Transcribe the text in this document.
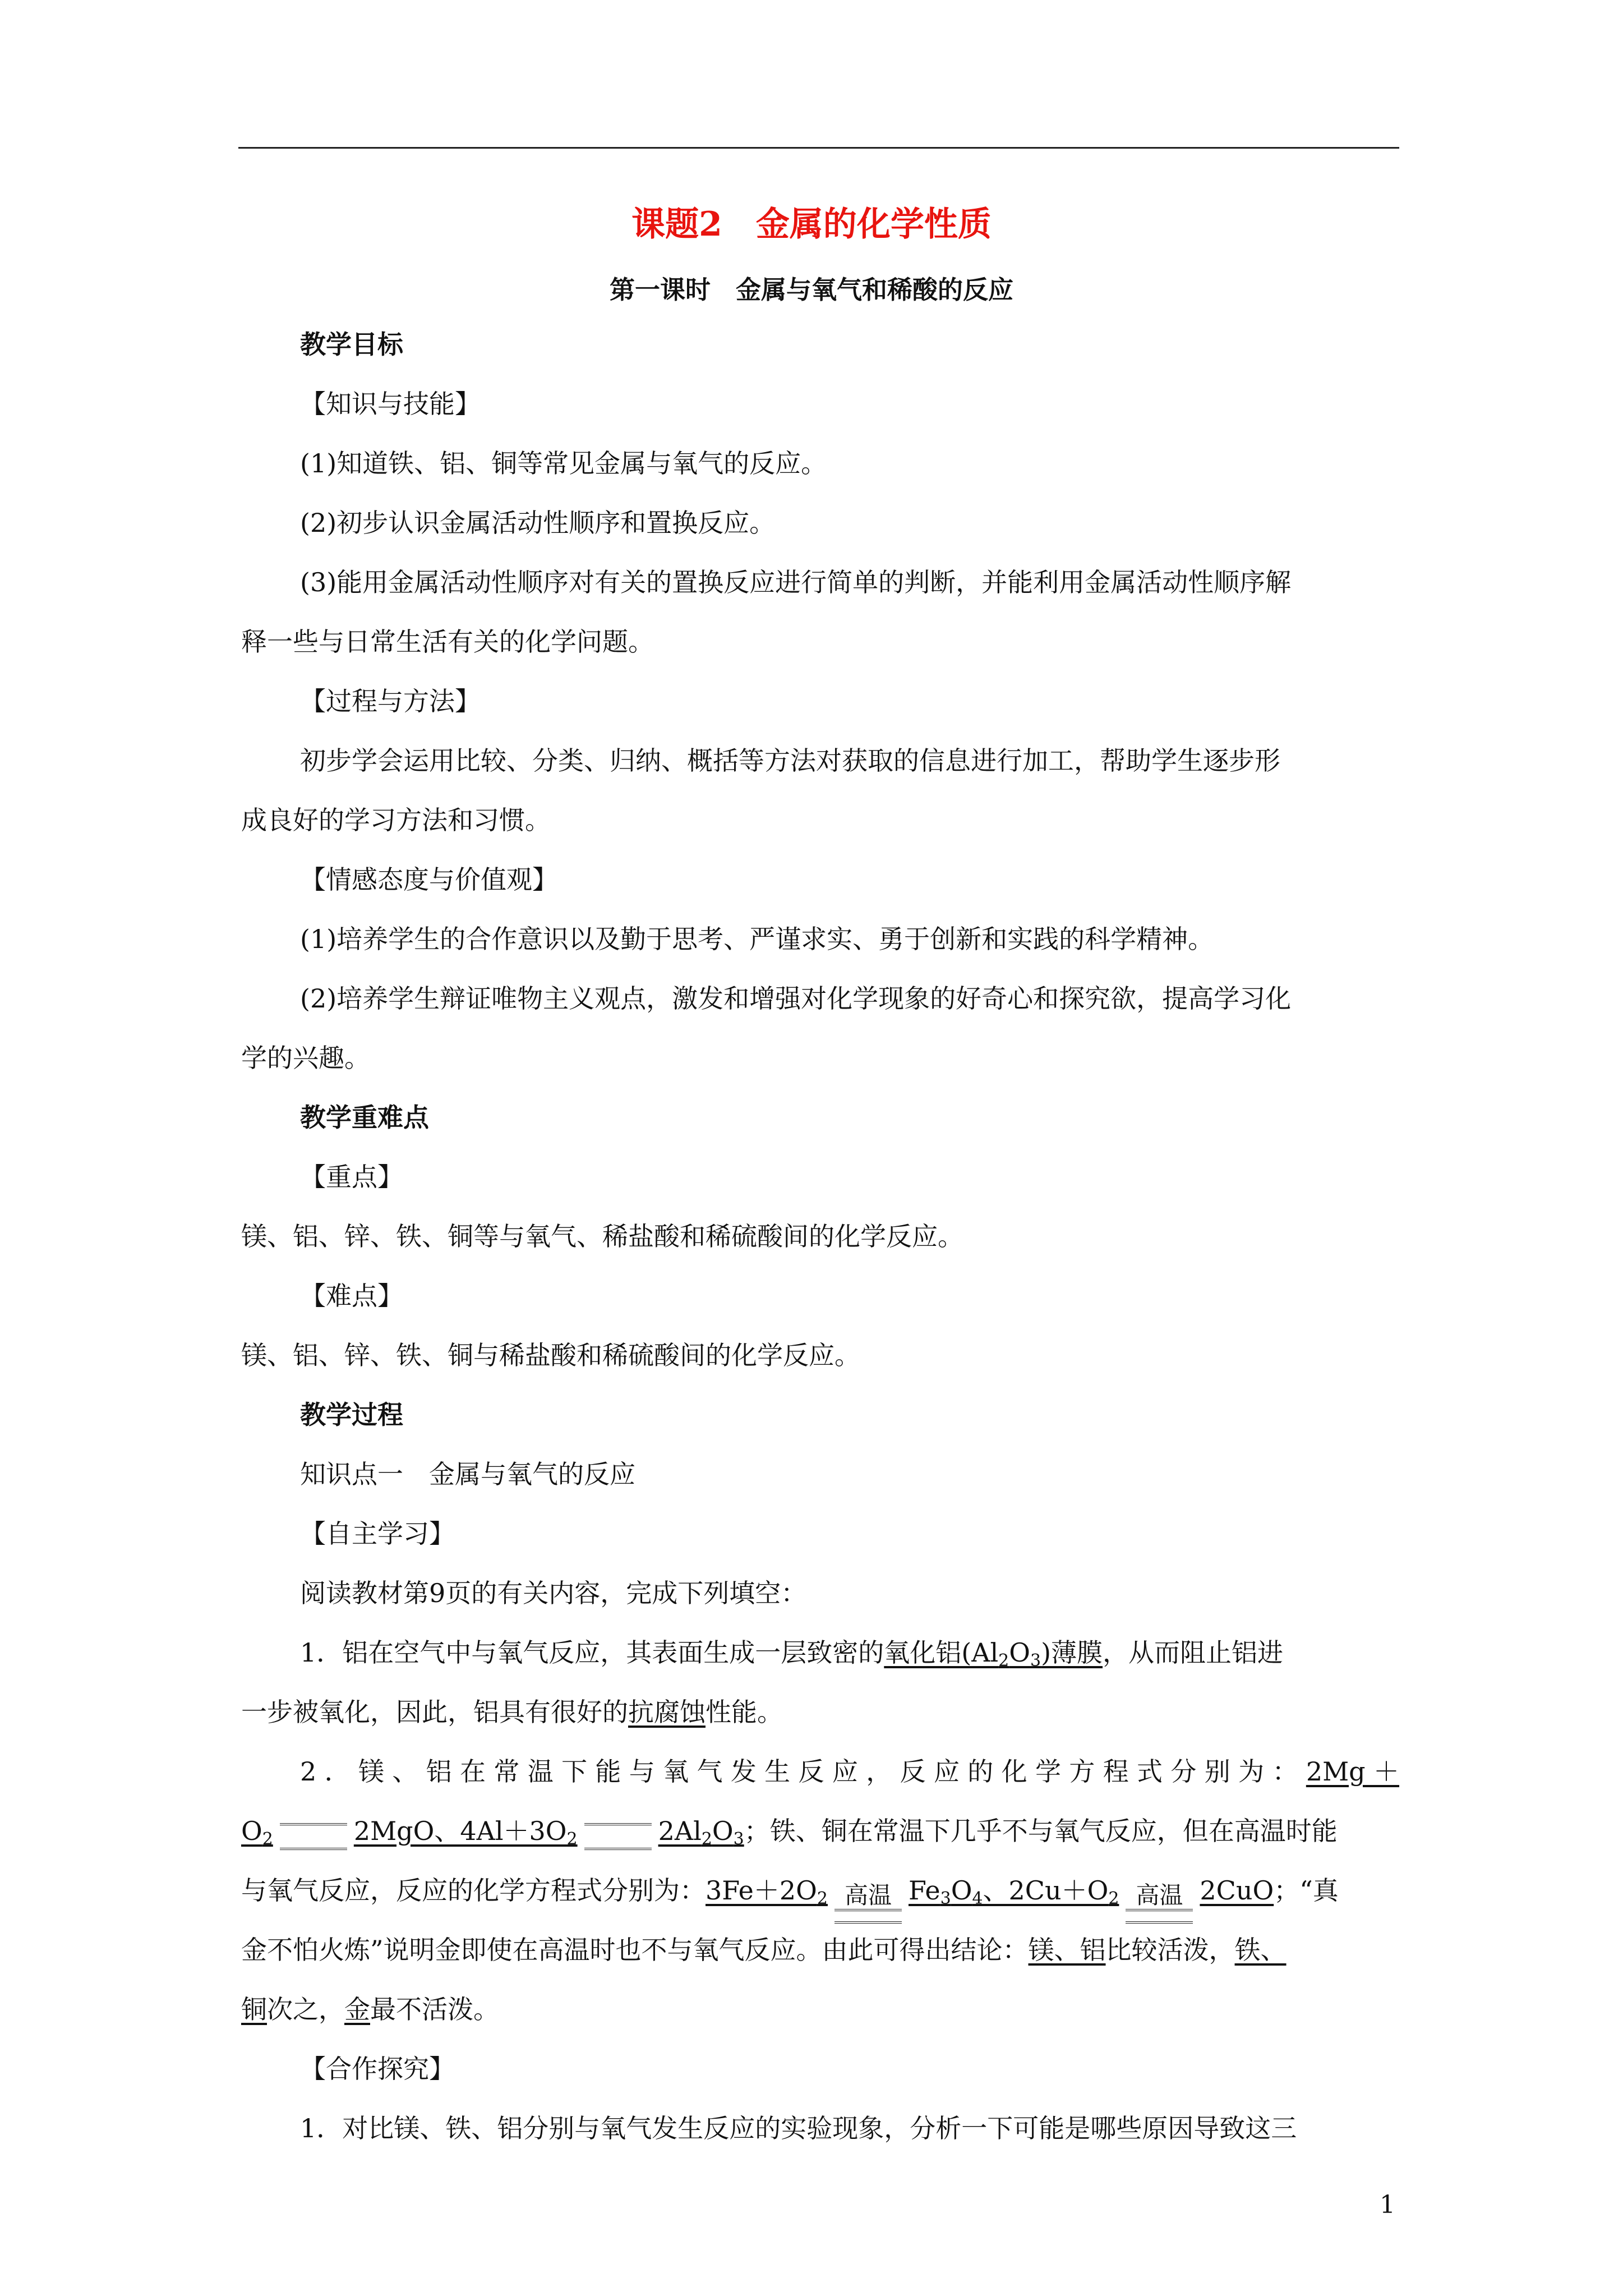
课题2　金属的化学性质
第一课时　金属与氧气和稀酸的反应
教学目标
【知识与技能】
(1)知道铁、铝、铜等常见金属与氧气的反应。
(2)初步认识金属活动性顺序和置换反应。
(3)能用金属活动性顺序对有关的置换反应进行简单的判断，并能利用金属活动性顺序解
释一些与日常生活有关的化学问题。
【过程与方法】
初步学会运用比较、分类、归纳、概括等方法对获取的信息进行加工，帮助学生逐步形
成良好的学习方法和习惯。
【情感态度与价值观】
(1)培养学生的合作意识以及勤于思考、严谨求实、勇于创新和实践的科学精神。
(2)培养学生辩证唯物主义观点，激发和增强对化学现象的好奇心和探究欲，提高学习化
学的兴趣。
教学重难点
【重点】
镁、铝、锌、铁、铜等与氧气、稀盐酸和稀硫酸间的化学反应。
【难点】
镁、铝、锌、铁、铜与稀盐酸和稀硫酸间的化学反应。
教学过程
知识点一　金属与氧气的反应
【自主学习】
阅读教材第9页的有关内容，完成下列填空：
1．铝在空气中与氧气反应，其表面生成一层致密的氧化铝$(Al_2O_3)$薄膜，从而阻止铝进
一步被氧化，因此，铝具有很好的抗腐蚀性能。
2．镁、铝在常温下能与氧气发生反应，反应的化学方程式分别为：2Mg＋
$O_2$	2MgO、$4Al+3O_2$	$2Al_2O_3$；铁、铜在常温下几乎不与氧气反应，但在高温时能
与氧气反应，反应的化学方程式分别为：$3Fe+2O_2$ 高温 $Fe_3O_4$、$2Cu+O_2$ 高温 2CuO；“真
金不怕火炼”说明金即使在高温时也不与氧气反应。由此可得出结论：镁、铝比较活泼，铁、
铜次之，金最不活泼。
【合作探究】
1．对比镁、铁、铝分别与氧气发生反应的实验现象，分析一下可能是哪些原因导致这三
1
